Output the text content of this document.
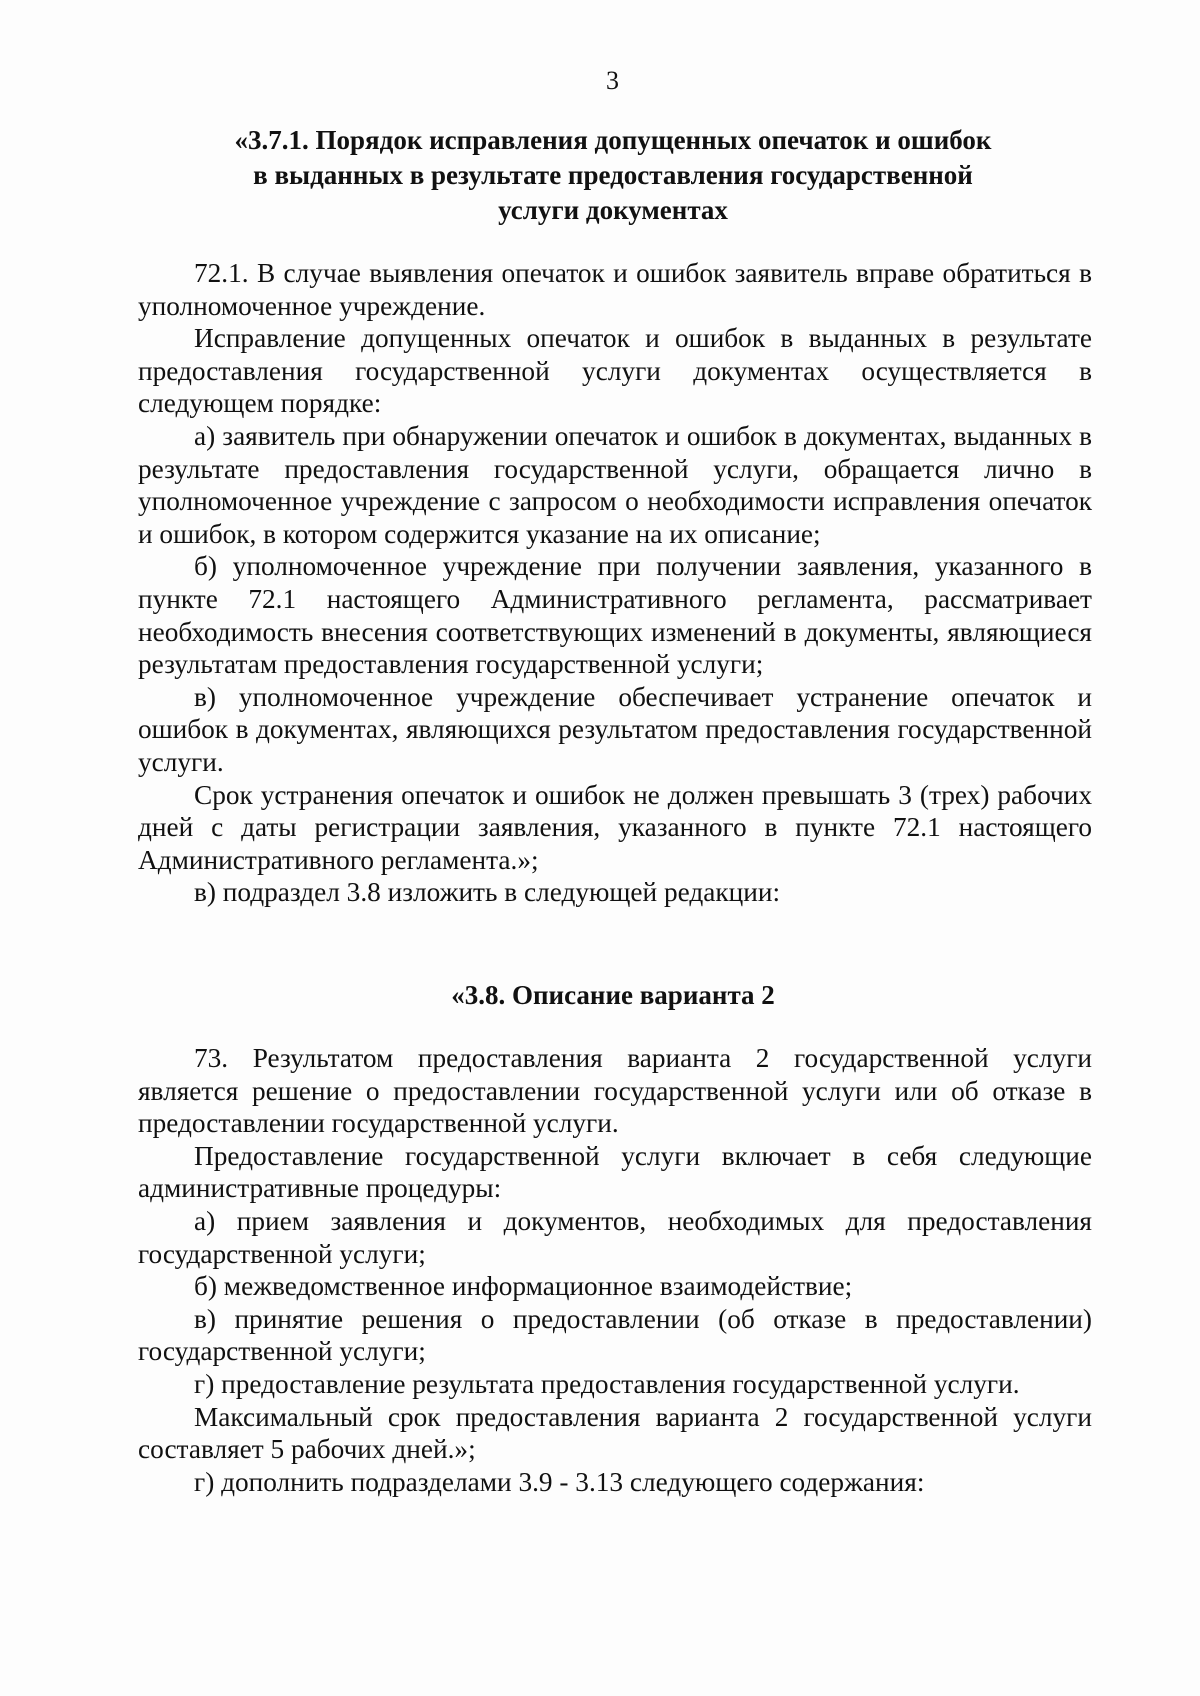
3
«3.7.1. Порядок исправления допущенных опечаток и ошибок
в выданных в результате предоставления государственной
услуги документах

72.1. В случае выявления опечаток и ошибок заявитель вправе обратиться в уполномоченное учреждение.

Исправление допущенных опечаток и ошибок в выданных в результате предоставления государственной услуги документах осуществляется в следующем порядке:

а) заявитель при обнаружении опечаток и ошибок в документах, выданных в результате предоставления государственной услуги, обращается лично в уполномоченное учреждение с запросом о необходимости исправления опечаток и ошибок, в котором содержится указание на их описание;

б) уполномоченное учреждение при получении заявления, указанного в пункте 72.1 настоящего Административного регламента, рассматривает необходимость внесения соответствующих изменений в документы, являющиеся результатам предоставления государственной услуги;

в) уполномоченное учреждение обеспечивает устранение опечаток и ошибок в документах, являющихся результатом предоставления государственной услуги.

Срок устранения опечаток и ошибок не должен превышать 3 (трех) рабочих дней с даты регистрации заявления, указанного в пункте 72.1 настоящего Административного регламента.»;

в) подраздел 3.8 изложить в следующей редакции:

«3.8. Описание варианта 2

73. Результатом предоставления варианта 2 государственной услуги является решение о предоставлении государственной услуги или об отказе в предоставлении государственной услуги.

Предоставление государственной услуги включает в себя следующие административные процедуры:

а) прием заявления и документов, необходимых для предоставления государственной услуги;

б) межведомственное информационное взаимодействие;

в) принятие решения о предоставлении (об отказе в предоставлении) государственной услуги;

г) предоставление результата предоставления государственной услуги.

Максимальный срок предоставления варианта 2 государственной услуги составляет 5 рабочих дней.»;

г) дополнить подразделами 3.9 - 3.13 следующего содержания:
